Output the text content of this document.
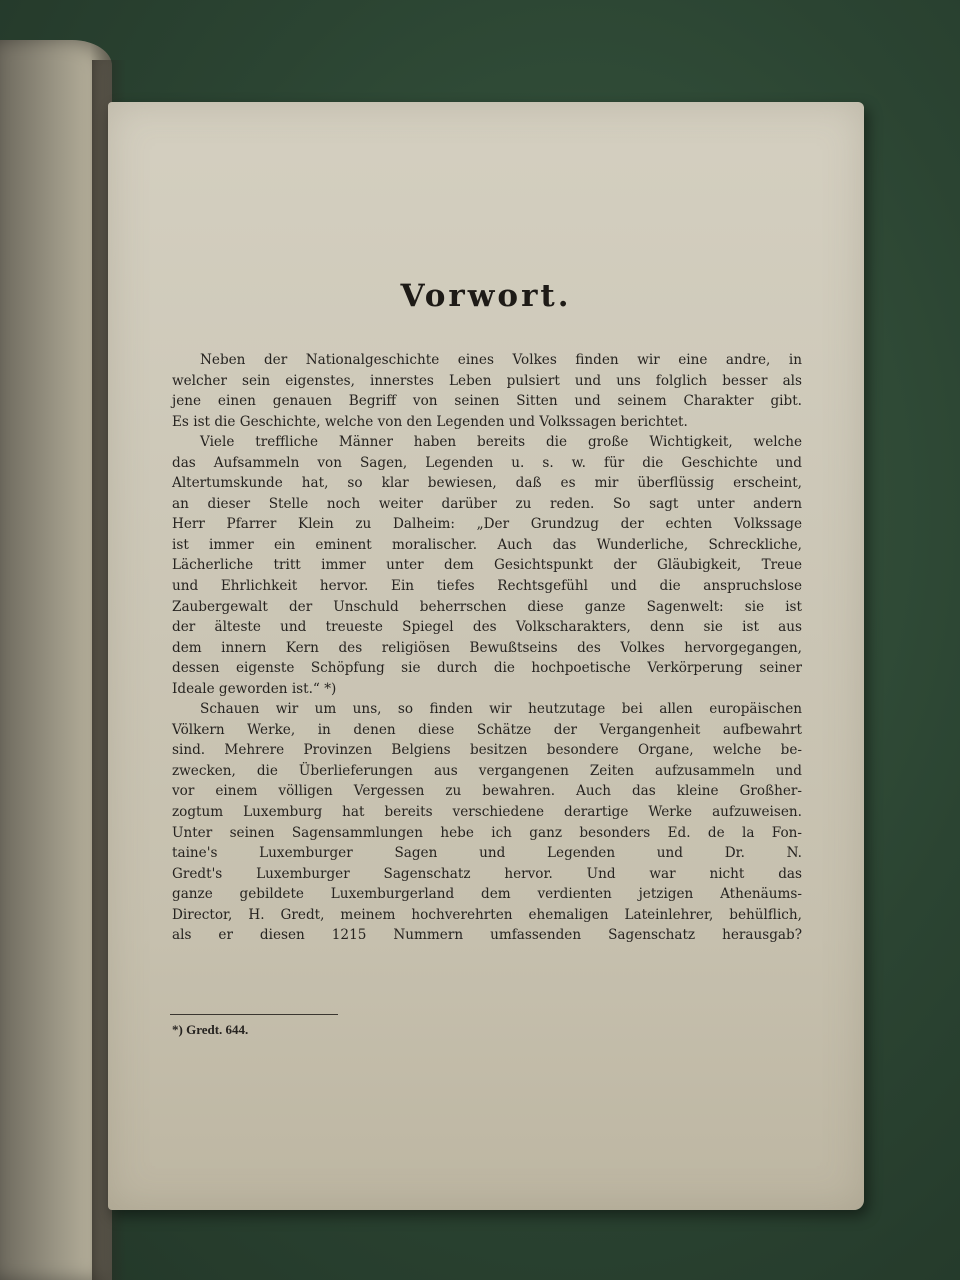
Vorwort.
Neben der Nationalgeschichte eines Volkes finden wir eine andre, in
welcher sein eigenstes, innerstes Leben pulsiert und uns folglich besser als
jene einen genauen Begriff von seinen Sitten und seinem Charakter gibt.
Es ist die Geschichte, welche von den Legenden und Volkssagen berichtet.
Viele treffliche Männer haben bereits die große Wichtigkeit, welche
das Aufsammeln von Sagen, Legenden u. s. w. für die Geschichte und
Altertumskunde hat, so klar bewiesen, daß es mir überflüssig erscheint,
an dieser Stelle noch weiter darüber zu reden. So sagt unter andern
Herr Pfarrer Klein zu Dalheim: „Der Grundzug der echten Volkssage
ist immer ein eminent moralischer. Auch das Wunderliche, Schreckliche,
Lächerliche tritt immer unter dem Gesichtspunkt der Gläubigkeit, Treue
und Ehrlichkeit hervor. Ein tiefes Rechtsgefühl und die anspruchslose
Zaubergewalt der Unschuld beherrschen diese ganze Sagenwelt: sie ist
der älteste und treueste Spiegel des Volkscharakters, denn sie ist aus
dem innern Kern des religiösen Bewußtseins des Volkes hervorgegangen,
dessen eigenste Schöpfung sie durch die hochpoetische Verkörperung seiner
Ideale geworden ist.“ *)
Schauen wir um uns, so finden wir heutzutage bei allen europäischen
Völkern Werke, in denen diese Schätze der Vergangenheit aufbewahrt
sind. Mehrere Provinzen Belgiens besitzen besondere Organe, welche be-
zwecken, die Überlieferungen aus vergangenen Zeiten aufzusammeln und
vor einem völligen Vergessen zu bewahren. Auch das kleine Großher-
zogtum Luxemburg hat bereits verschiedene derartige Werke aufzuweisen.
Unter seinen Sagensammlungen hebe ich ganz besonders Ed. de la Fon-
taine's Luxemburger Sagen und Legenden und Dr. N.
Gredt's Luxemburger Sagenschatz hervor. Und war nicht das
ganze gebildete Luxemburgerland dem verdienten jetzigen Athenäums-
Director, H. Gredt, meinem hochverehrten ehemaligen Lateinlehrer, behülflich,
als er diesen 1215 Nummern umfassenden Sagenschatz herausgab?
*) Gredt. 644.
